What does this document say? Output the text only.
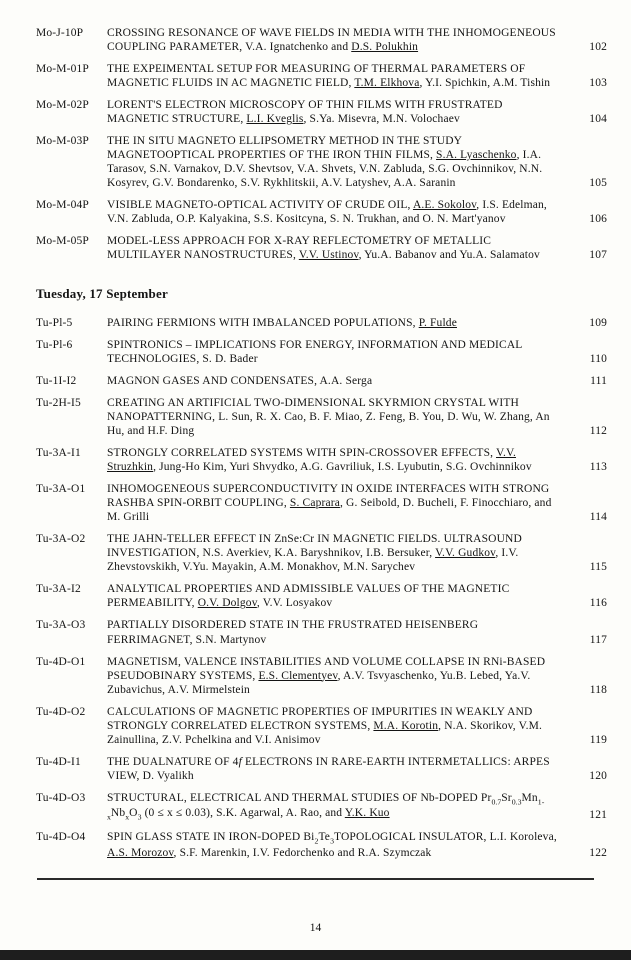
Mo-J-10P	CROSSING RESONANCE OF WAVE FIELDS IN MEDIA WITH THE INHOMOGENEOUS COUPLING PARAMETER, V.A. Ignatchenko and D.S. Polukhin	102
Mo-M-01P	THE EXPEIMENTAL SETUP FOR MEASURING OF THERMAL PARAMETERS OF MAGNETIC FLUIDS IN AC MAGNETIC FIELD, T.M. Elkhova, Y.I. Spichkin, A.M. Tishin	103
Mo-M-02P	LORENT'S ELECTRON MICROSCOPY OF THIN FILMS WITH FRUSTRATED MAGNETIC STRUCTURE, L.I. Kveglis, S.Ya. Misevra, M.N. Volochaev	104
Mo-M-03P	THE IN SITU MAGNETO ELLIPSOMETRY METHOD IN THE STUDY MAGNETOOPTICAL PROPERTIES OF THE IRON THIN FILMS, S.A. Lyaschenko, I.A. Tarasov, S.N. Varnakov, D.V. Shevtsov, V.A. Shvets, V.N. Zabluda, S.G. Ovchinnikov, N.N. Kosyrev, G.V. Bondarenko, S.V. Rykhlitskii, A.V. Latyshev, A.A. Saranin	105
Mo-M-04P	VISIBLE MAGNETO-OPTICAL ACTIVITY OF CRUDE OIL, A.E. Sokolov, I.S. Edelman, V.N. Zabluda, O.P. Kalyakina, S.S. Kositcyna, S. N. Trukhan, and O. N. Mart'yanov	106
Mo-M-05P	MODEL-LESS APPROACH FOR X-RAY REFLECTOMETRY OF METALLIC MULTILAYER NANOSTRUCTURES, V.V. Ustinov, Yu.A. Babanov and Yu.A. Salamatov	107
Tuesday, 17 September
Tu-Pl-5	PAIRING FERMIONS WITH IMBALANCED POPULATIONS, P. Fulde	109
Tu-Pl-6	SPINTRONICS – IMPLICATIONS FOR ENERGY, INFORMATION AND MEDICAL TECHNOLOGIES, S. D. Bader	110
Tu-1I-I2	MAGNON GASES AND CONDENSATES, A.A. Serga	111
Tu-2H-I5	CREATING AN ARTIFICIAL TWO-DIMENSIONAL SKYRMION CRYSTAL WITH NANOPATTERNING, L. Sun, R. X. Cao, B. F. Miao, Z. Feng, B. You, D. Wu, W. Zhang, An Hu, and H.F. Ding	112
Tu-3A-I1	STRONGLY CORRELATED SYSTEMS WITH SPIN-CROSSOVER EFFECTS, V.V. Struzhkin, Jung-Ho Kim, Yuri Shvydko, A.G. Gavriliuk, I.S. Lyubutin, S.G. Ovchinnikov	113
Tu-3A-O1	INHOMOGENEOUS SUPERCONDUCTIVITY IN OXIDE INTERFACES WITH STRONG RASHBA SPIN-ORBIT COUPLING, S. Caprara, G. Seibold, D. Bucheli, F. Finocchiaro, and M. Grilli	114
Tu-3A-O2	THE JAHN-TELLER EFFECT IN ZnSe:Cr IN MAGNETIC FIELDS. ULTRASOUND INVESTIGATION, N.S. Averkiev, K.A. Baryshnikov, I.B. Bersuker, V.V. Gudkov, I.V. Zhevstovskikh, V.Yu. Mayakin, A.M. Monakhov, M.N. Sarychev	115
Tu-3A-I2	ANALYTICAL PROPERTIES AND ADMISSIBLE VALUES OF THE MAGNETIC PERMEABILITY, O.V. Dolgov, V.V. Losyakov	116
Tu-3A-O3	PARTIALLY DISORDERED STATE IN THE FRUSTRATED HEISENBERG FERRIMAGNET, S.N. Martynov	117
Tu-4D-O1	MAGNETISM, VALENCE INSTABILITIES AND VOLUME COLLAPSE IN RNi-BASED PSEUDOBINARY SYSTEMS, E.S. Clementyev, A.V. Tsvyaschenko, Yu.B. Lebed, Ya.V. Zubavichus, A.V. Mirmelstein	118
Tu-4D-O2	CALCULATIONS OF MAGNETIC PROPERTIES OF IMPURITIES IN WEAKLY AND STRONGLY CORRELATED ELECTRON SYSTEMS, M.A. Korotin, N.A. Skorikov, V.M. Zainullina, Z.V. Pchelkina and V.I. Anisimov	119
Tu-4D-I1	THE DUALNATURE OF 4f ELECTRONS IN RARE-EARTH INTERMETALLICS: ARPES VIEW, D. Vyalikh	120
Tu-4D-O3	STRUCTURAL, ELECTRICAL AND THERMAL STUDIES OF Nb-DOPED $Pr_{0.7}Sr_{0.3}Mn_{1-x}Nb_xO_3$ (0 ≤ x ≤ 0.03), S.K. Agarwal, A. Rao, and Y.K. Kuo	121
Tu-4D-O4	SPIN GLASS STATE IN IRON-DOPED $Bi_2Te_3TOPOLOGICAL$ INSULATOR, L.I. Koroleva, A.S. Morozov, S.F. Marenkin, I.V. Fedorchenko and R.A. Szymczak	122
14
